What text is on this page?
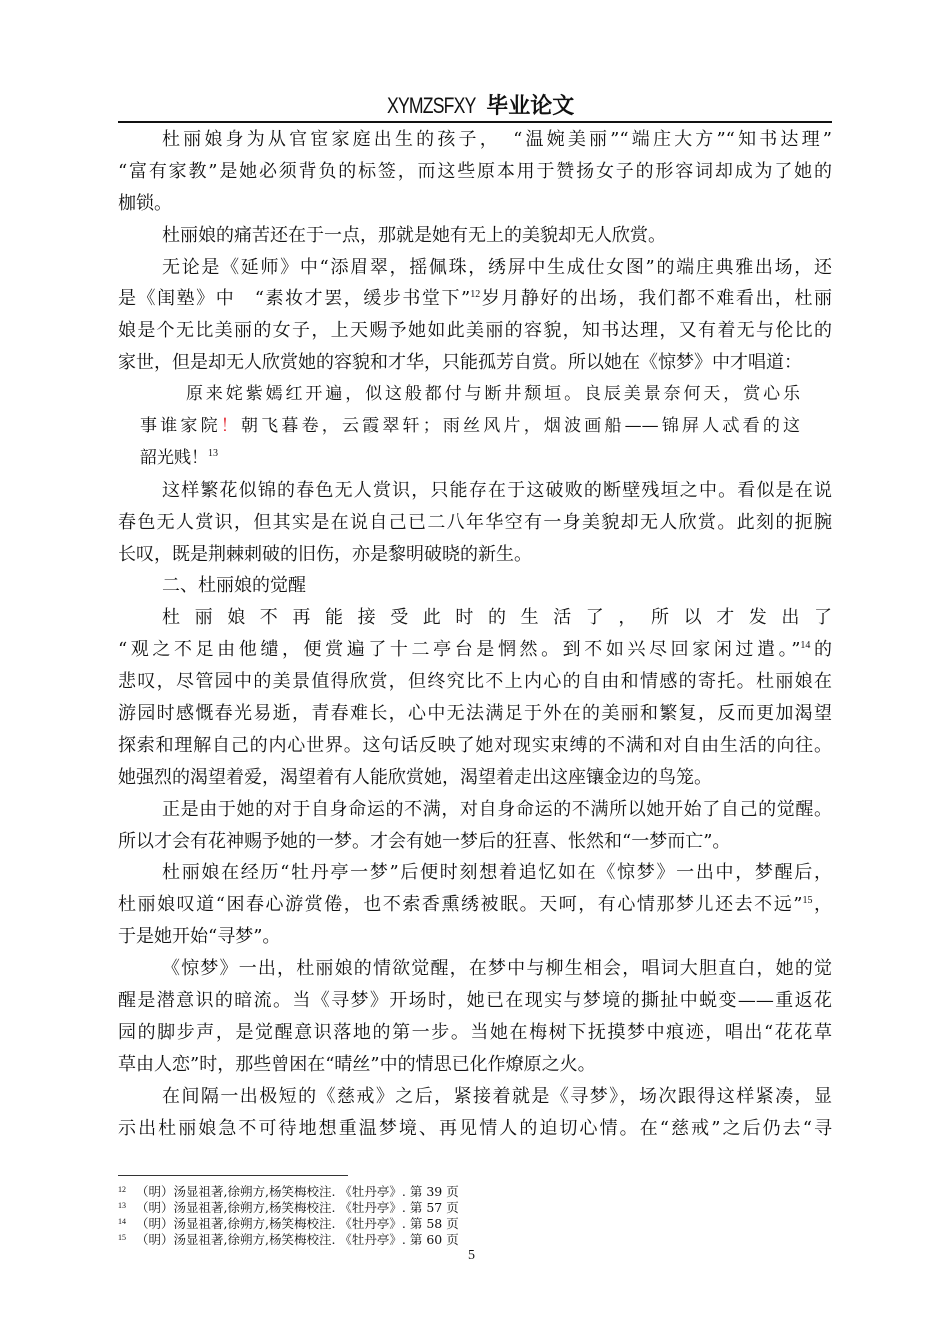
XYMZSFXY 毕业论文
杜丽娘身为从官宦家庭出生的孩子，　“温婉美丽”“端庄大方”“知书达理”
“富有家教”是她必须背负的标签，而这些原本用于赞扬女子的形容词却成为了她的
枷锁。
杜丽娘的痛苦还在于一点，那就是她有无上的美貌却无人欣赏。
无论是《延师》中“添眉翠，摇佩珠，绣屏中生成仕女图”的端庄典雅出场，还
是《闺塾》中　“素妆才罢，缓步书堂下”$^{12}$岁月静好的出场，我们都不难看出，杜丽
娘是个无比美丽的女子，上天赐予她如此美丽的容貌，知书达理，又有着无与伦比的
家世，但是却无人欣赏她的容貌和才华，只能孤芳自赏。所以她在《惊梦》中才唱道：
原来姹紫嫣红开遍，似这般都付与断井颓垣。良辰美景奈何天，赏心乐
事谁家院！朝飞暮卷，云霞翠轩；雨丝风片，烟波画船——锦屏人忒看的这
韶光贱！$^{13}$
这样繁花似锦的春色无人赏识，只能存在于这破败的断壁残垣之中。看似是在说
春色无人赏识，但其实是在说自己已二八年华空有一身美貌却无人欣赏。此刻的扼腕
长叹，既是荆棘刺破的旧伤，亦是黎明破晓的新生。
二、杜丽娘的觉醒
杜丽娘不再能接受此时的生活了，所以才发出了
“观之不足由他缱，便赏遍了十二亭台是惘然。到不如兴尽回家闲过遣。”$^{14}$的
悲叹，尽管园中的美景值得欣赏，但终究比不上内心的自由和情感的寄托。杜丽娘在
游园时感慨春光易逝，青春难长，心中无法满足于外在的美丽和繁复，反而更加渴望
探索和理解自己的内心世界。这句话反映了她对现实束缚的不满和对自由生活的向往。
她强烈的渴望着爱，渴望着有人能欣赏她，渴望着走出这座镶金边的鸟笼。
正是由于她的对于自身命运的不满，对自身命运的不满所以她开始了自己的觉醒。
所以才会有花神赐予她的一梦。才会有她一梦后的狂喜、怅然和“一梦而亡”。
杜丽娘在经历“牡丹亭一梦”后便时刻想着追忆如在《惊梦》一出中，梦醒后，
杜丽娘叹道“困春心游赏倦，也不索香熏绣被眠。天呵，有心情那梦儿还去不远”$^{15}$，
于是她开始“寻梦”。
《惊梦》一出，杜丽娘的情欲觉醒，在梦中与柳生相会，唱词大胆直白，她的觉
醒是潜意识的暗流。当《寻梦》开场时，她已在现实与梦境的撕扯中蜕变——重返花
园的脚步声，是觉醒意识落地的第一步。当她在梅树下抚摸梦中痕迹，唱出“花花草
草由人恋”时，那些曾困在“晴丝”中的情思已化作燎原之火。
在间隔一出极短的《慈戒》之后，紧接着就是《寻梦》，场次跟得这样紧凑，显
示出杜丽娘急不可待地想重温梦境、再见情人的迫切心情。在“慈戒”之后仍去“寻
$^{12}$ （明）汤显祖著,徐朔方,杨笑梅校注. 《牡丹亭》. 第 39 页
$^{13}$ （明）汤显祖著,徐朔方,杨笑梅校注. 《牡丹亭》. 第 57 页
$^{14}$ （明）汤显祖著,徐朔方,杨笑梅校注. 《牡丹亭》. 第 58 页
$^{15}$ （明）汤显祖著,徐朔方,杨笑梅校注. 《牡丹亭》. 第 60 页
5
